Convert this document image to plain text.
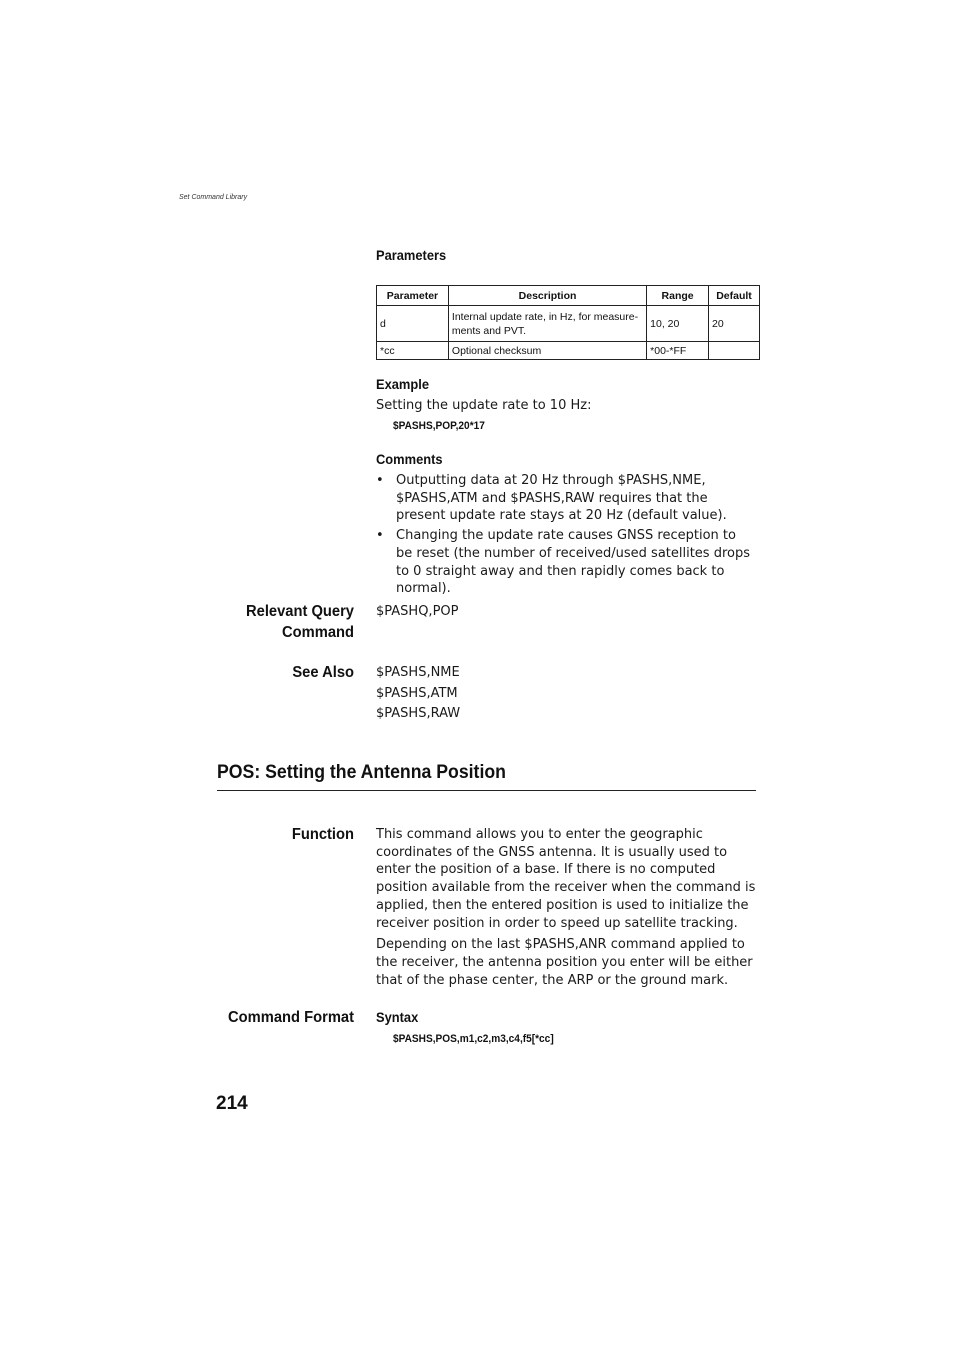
Set Command Library
Parameters
Parameter	Description	Range	Default
d	Internal update rate, in Hz, for measure-ments and PVT.	10, 20	20
*cc	Optional checksum	*00-*FF	
Example
Setting the update rate to 10 Hz:
$PASHS,POP,20*17
Comments
• Outputting data at 20 Hz through $PASHS,NME, $PASHS,ATM and $PASHS,RAW requires that the present update rate stays at 20 Hz (default value).
• Changing the update rate causes GNSS reception to be reset (the number of received/used satellites drops to 0 straight away and then rapidly comes back to normal).
Relevant Query
Command
$PASHQ,POP
See Also $PASHS,NME
$PASHS,ATM
$PASHS,RAW
POS: Setting the Antenna Position
Function This command allows you to enter the geographic coordinates of the GNSS antenna. It is usually used to enter the position of a base. If there is no computed position available from the receiver when the command is applied, then the entered position is used to initialize the receiver position in order to speed up satellite tracking.

Depending on the last $PASHS,ANR command applied to the receiver, the antenna position you enter will be either that of the phase center, the ARP or the ground mark.

Command Format Syntax
$PASHS,POS,m1,c2,m3,c4,f5[*cc]
214
